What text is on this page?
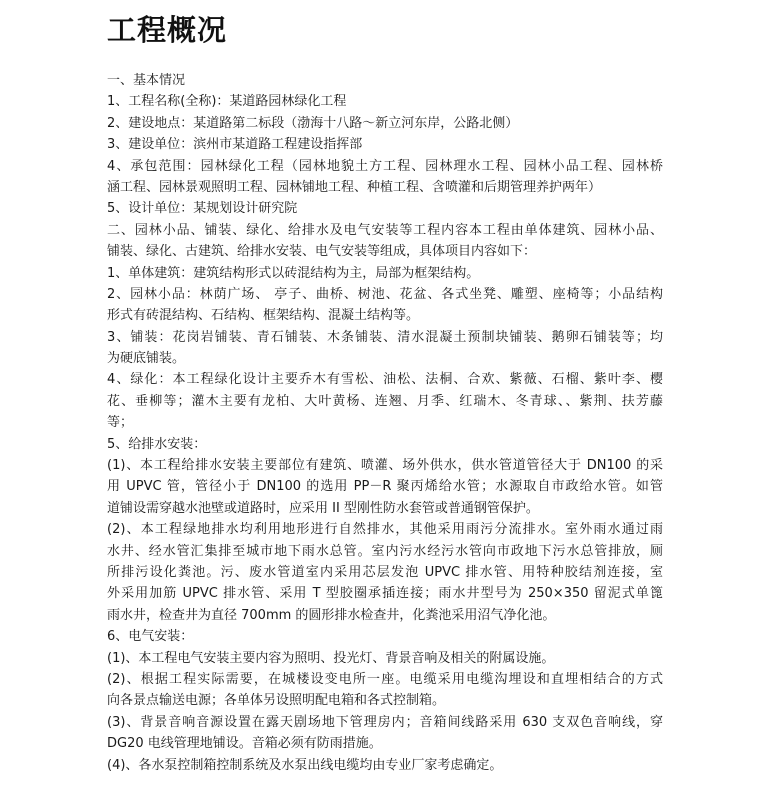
工程概况

一、基本情况

1、工程名称(全称)：某道路园林绿化工程

2、建设地点：某道路第二标段（渤海十八路～新立河东岸，公路北侧）

3、建设单位：滨州市某道路工程建设指挥部

4、承包范围：园林绿化工程（园林地貌土方工程、园林理水工程、园林小品工程、园林桥

涵工程、园林景观照明工程、园林铺地工程、种植工程、含喷灌和后期管理养护两年）

5、设计单位：某规划设计研究院

二、园林小品、铺装、绿化、给排水及电气安装等工程内容本工程由单体建筑、园林小品、

铺装、绿化、古建筑、给排水安装、电气安装等组成，具体项目内容如下：

1、单体建筑：建筑结构形式以砖混结构为主，局部为框架结构。

2、园林小品：林荫广场、 亭子、曲桥、树池、花盆、各式坐凳、雕塑、座椅等；小品结构

形式有砖混结构、石结构、框架结构、混凝土结构等。

3、铺装：花岗岩铺装、青石铺装、木条铺装、清水混凝土预制块铺装、鹅卵石铺装等；均

为硬底铺装。

4、绿化：本工程绿化设计主要乔木有雪松、油松、法桐、合欢、紫薇、石榴、紫叶李、樱

花、垂柳等；灌木主要有龙柏、大叶黄杨、连翘、月季、红瑞木、冬青球、、紫荆、扶芳藤

等；

5、给排水安装：

(1)、本工程给排水安装主要部位有建筑、喷灌、场外供水，供水管道管径大于 DN100 的采

用 UPVC 管，管径小于 DN100 的选用 PP－R 聚丙烯给水管；水源取自市政给水管。如管

道铺设需穿越水池壁或道路时，应采用 II 型刚性防水套管或普通钢管保护。

(2)、本工程绿地排水均利用地形进行自然排水，其他采用雨污分流排水。室外雨水通过雨

水井、经水管汇集排至城市地下雨水总管。室内污水经污水管向市政地下污水总管排放，厕

所排污设化粪池。污、废水管道室内采用芯层发泡 UPVC 排水管、用特种胶结剂连接，室

外采用加筋 UPVC 排水管、采用 T 型胶圈承插连接；雨水井型号为 250×350 留泥式单篦

雨水井，检查井为直径 700mm 的圆形排水检查井，化粪池采用沼气净化池。

6、电气安装：

(1)、本工程电气安装主要内容为照明、投光灯、背景音响及相关的附属设施。

(2)、根据工程实际需要，在城楼设变电所一座。电缆采用电缆沟埋设和直埋相结合的方式

向各景点输送电源；各单体另设照明配电箱和各式控制箱。

(3)、背景音响音源设置在露天剧场地下管理房内；音箱间线路采用 630 支双色音响线，穿

DG20 电线管理地铺设。音箱必须有防雨措施。

(4)、各水泵控制箱控制系统及水泵出线电缆均由专业厂家考虑确定。
